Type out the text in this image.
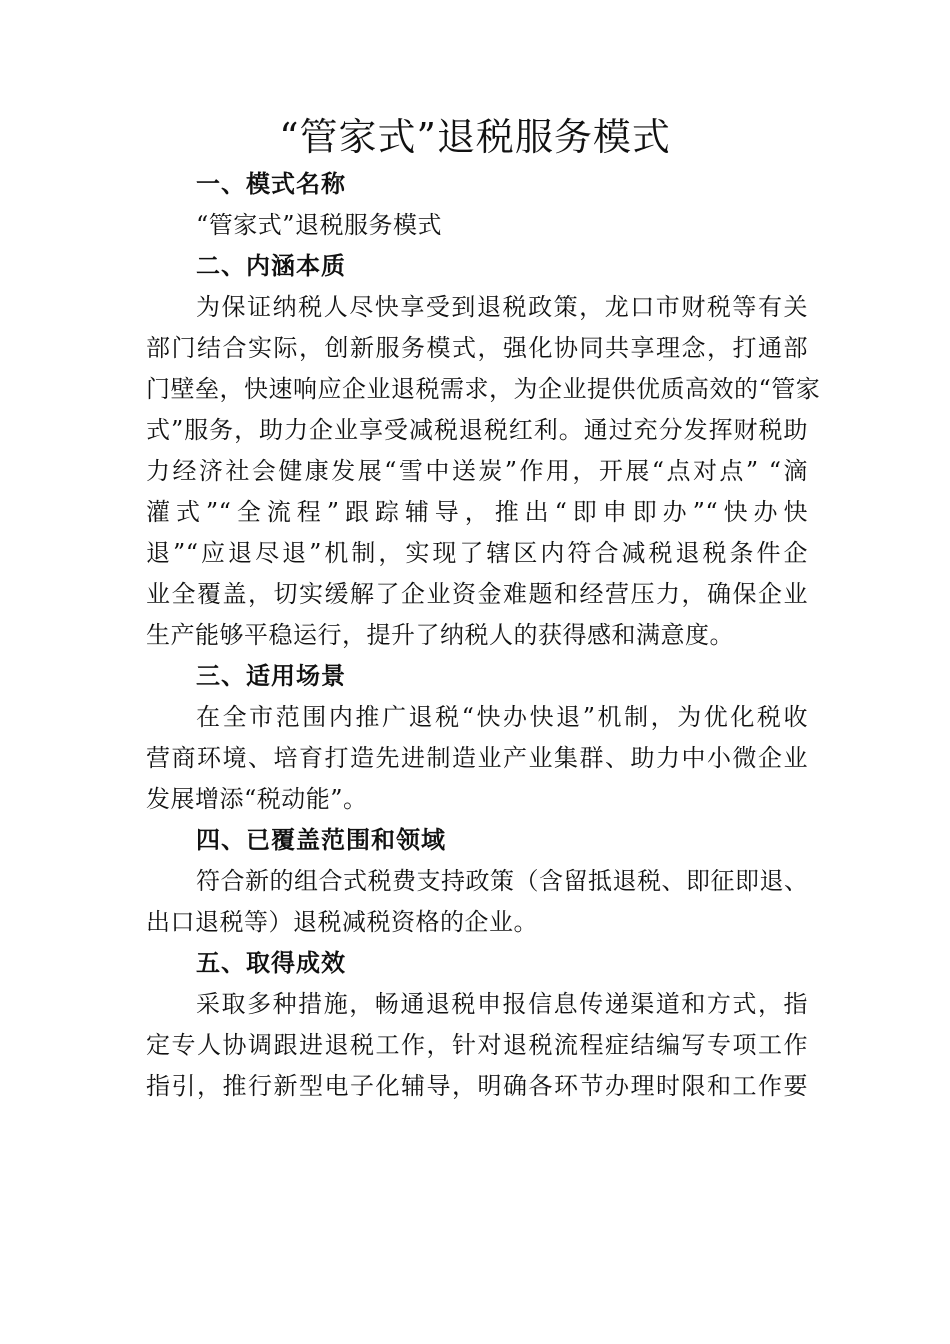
“管家式”退税服务模式
一、模式名称
“管家式”退税服务模式
二、内涵本质
为保证纳税人尽快享受到退税政策，龙口市财税等有关
部门结合实际，创新服务模式，强化协同共享理念，打通部
门壁垒，快速响应企业退税需求，为企业提供优质高效的“管家
式”服务，助力企业享受减税退税红利。通过充分发挥财税助
力经济社会健康发展“雪中送炭”作用，开展“点对点” “滴
灌式”“全流程”跟踪辅导，推出“即申即办”“快办快
退”“应退尽退”机制，实现了辖区内符合减税退税条件企
业全覆盖，切实缓解了企业资金难题和经营压力，确保企业
生产能够平稳运行，提升了纳税人的获得感和满意度。
三、适用场景
在全市范围内推广退税“快办快退”机制，为优化税收
营商环境、培育打造先进制造业产业集群、助力中小微企业
发展增添“税动能”。
四、已覆盖范围和领域
符合新的组合式税费支持政策（含留抵退税、即征即退、
出口退税等）退税减税资格的企业。
五、取得成效
采取多种措施，畅通退税申报信息传递渠道和方式，指
定专人协调跟进退税工作，针对退税流程症结编写专项工作
指引，推行新型电子化辅导，明确各环节办理时限和工作要
